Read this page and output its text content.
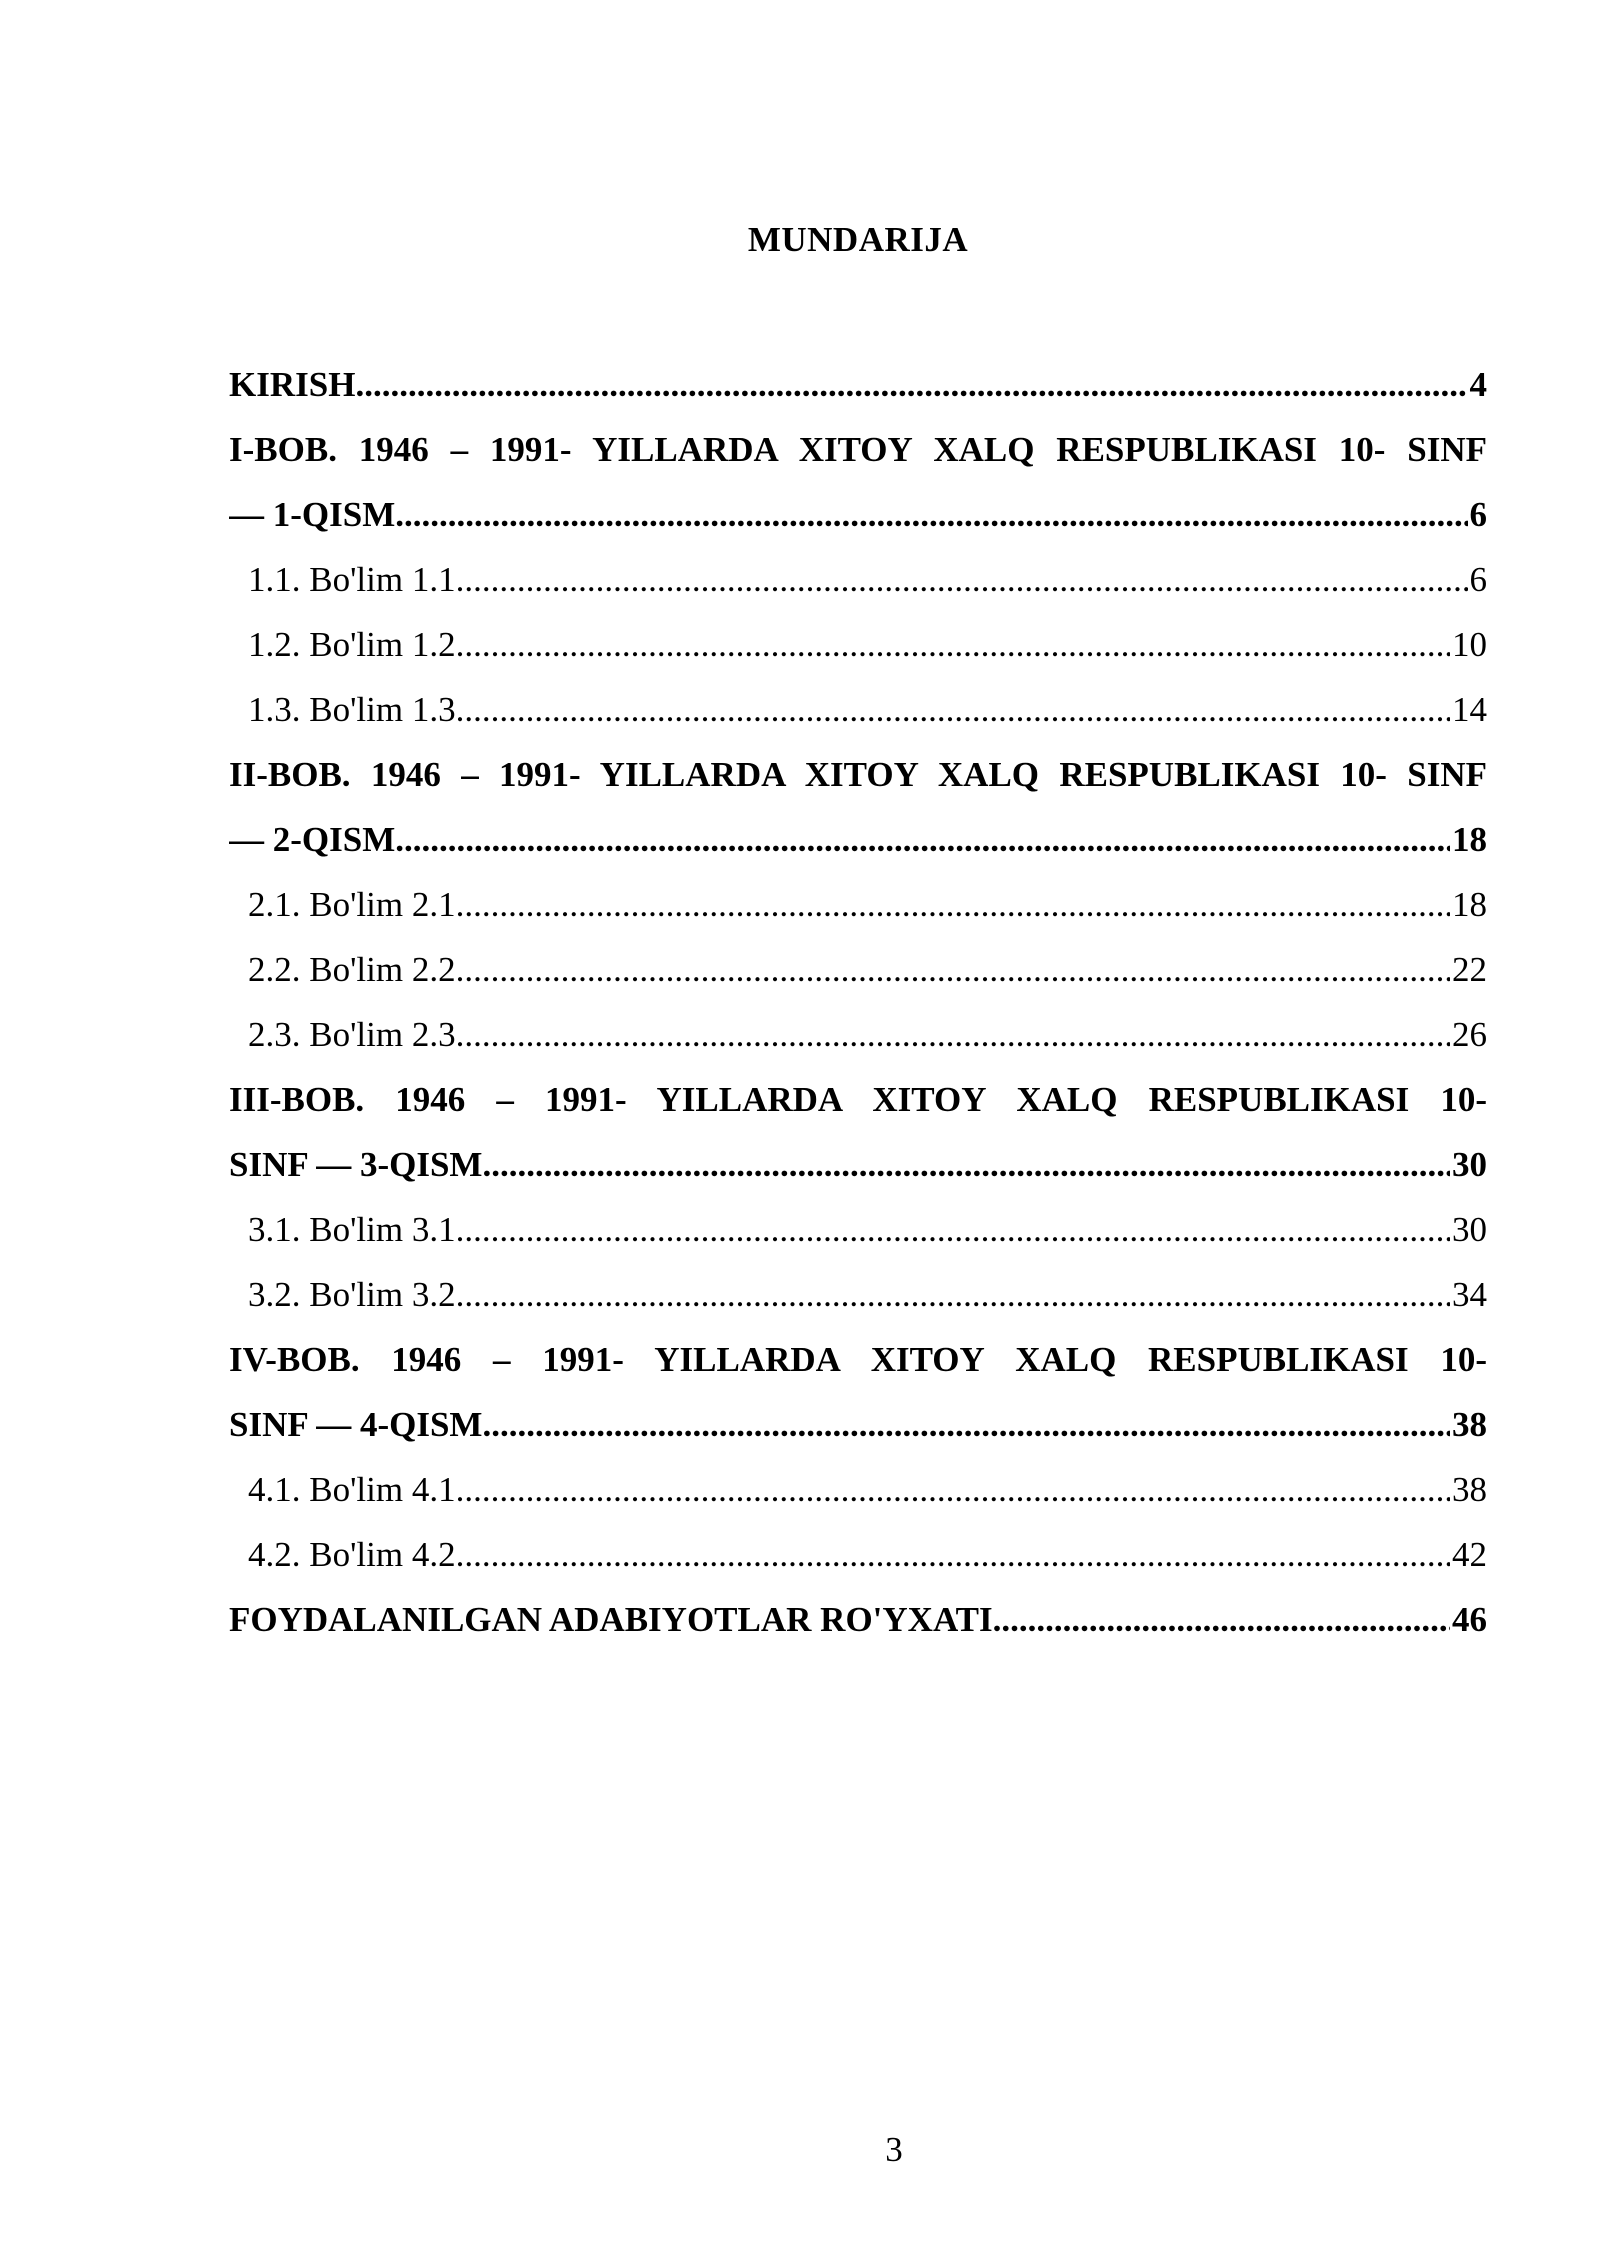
MUNDARIJA
KIRISH .....	4
I-BOB. 1946 – 1991- YILLARDA XITOY XALQ RESPUBLIKASI 10- SINF
— 1-QISM .....	6
1.1. Bo'lim 1.1 .....	6
1.2. Bo'lim 1.2 .....	10
1.3. Bo'lim 1.3 .....	14
II-BOB. 1946 – 1991- YILLARDA XITOY XALQ RESPUBLIKASI 10- SINF
— 2-QISM .....	18
2.1. Bo'lim 2.1 .....	18
2.2. Bo'lim 2.2 .....	22
2.3. Bo'lim 2.3 .....	26
III-BOB. 1946 – 1991- YILLARDA XITOY XALQ RESPUBLIKASI 10-
SINF — 3-QISM .....	30
3.1. Bo'lim 3.1 .....	30
3.2. Bo'lim 3.2 .....	34
IV-BOB. 1946 – 1991- YILLARDA XITOY XALQ RESPUBLIKASI 10-
SINF — 4-QISM .....	38
4.1. Bo'lim 4.1 .....	38
4.2. Bo'lim 4.2 .....	42
FOYDALANILGAN ADABIYOTLAR RO'YXATI .....	46
3
